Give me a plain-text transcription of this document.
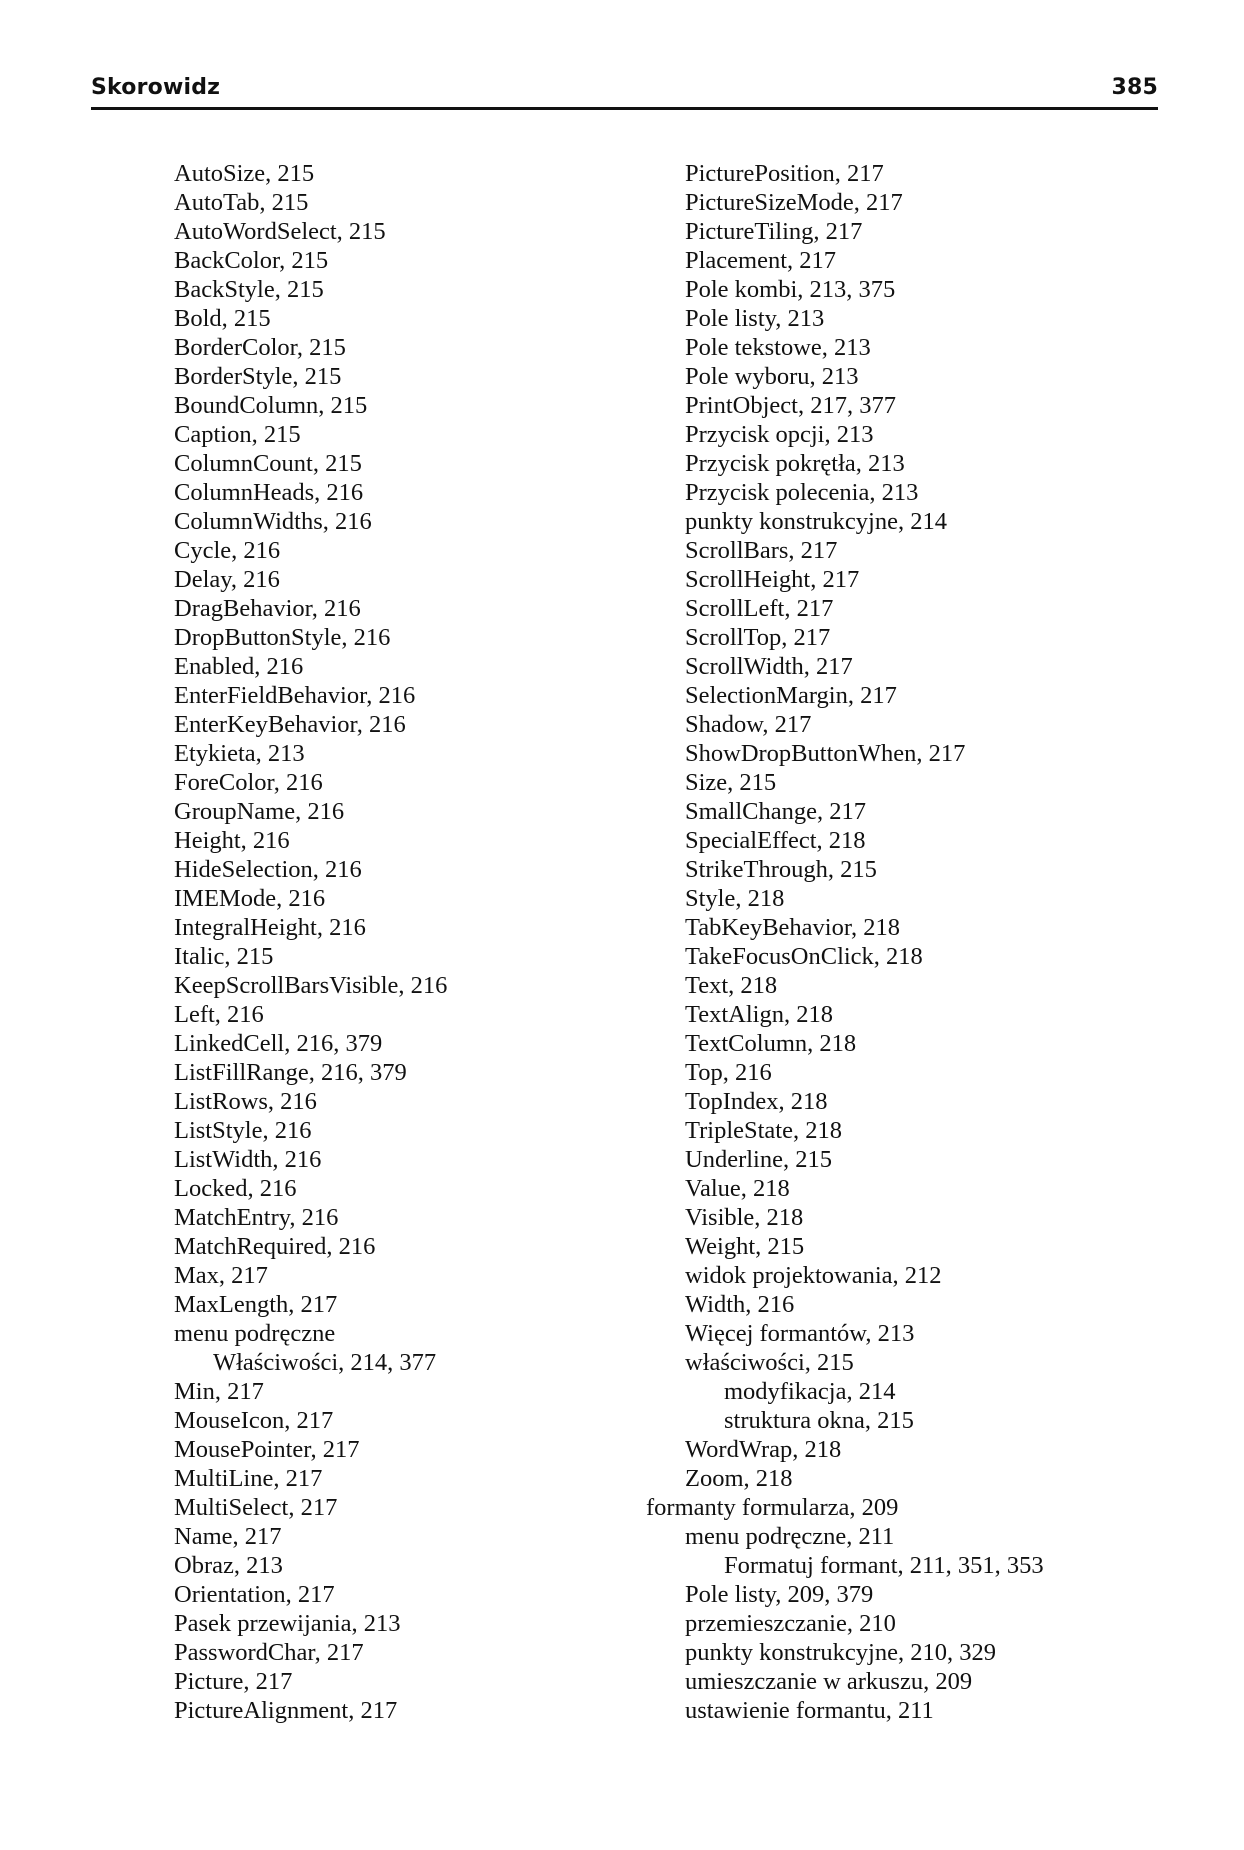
Skorowidz	385
AutoSize, 215
AutoTab, 215
AutoWordSelect, 215
BackColor, 215
BackStyle, 215
Bold, 215
BorderColor, 215
BorderStyle, 215
BoundColumn, 215
Caption, 215
ColumnCount, 215
ColumnHeads, 216
ColumnWidths, 216
Cycle, 216
Delay, 216
DragBehavior, 216
DropButtonStyle, 216
Enabled, 216
EnterFieldBehavior, 216
EnterKeyBehavior, 216
Etykieta, 213
ForeColor, 216
GroupName, 216
Height, 216
HideSelection, 216
IMEMode, 216
IntegralHeight, 216
Italic, 215
KeepScrollBarsVisible, 216
Left, 216
LinkedCell, 216, 379
ListFillRange, 216, 379
ListRows, 216
ListStyle, 216
ListWidth, 216
Locked, 216
MatchEntry, 216
MatchRequired, 216
Max, 217
MaxLength, 217
menu podręczne
Właściwości, 214, 377
Min, 217
MouseIcon, 217
MousePointer, 217
MultiLine, 217
MultiSelect, 217
Name, 217
Obraz, 213
Orientation, 217
Pasek przewijania, 213
PasswordChar, 217
Picture, 217
PictureAlignment, 217
PicturePosition, 217
PictureSizeMode, 217
PictureTiling, 217
Placement, 217
Pole kombi, 213, 375
Pole listy, 213
Pole tekstowe, 213
Pole wyboru, 213
PrintObject, 217, 377
Przycisk opcji, 213
Przycisk pokrętła, 213
Przycisk polecenia, 213
punkty konstrukcyjne, 214
ScrollBars, 217
ScrollHeight, 217
ScrollLeft, 217
ScrollTop, 217
ScrollWidth, 217
SelectionMargin, 217
Shadow, 217
ShowDropButtonWhen, 217
Size, 215
SmallChange, 217
SpecialEffect, 218
StrikeThrough, 215
Style, 218
TabKeyBehavior, 218
TakeFocusOnClick, 218
Text, 218
TextAlign, 218
TextColumn, 218
Top, 216
TopIndex, 218
TripleState, 218
Underline, 215
Value, 218
Visible, 218
Weight, 215
widok projektowania, 212
Width, 216
Więcej formantów, 213
właściwości, 215
modyfikacja, 214
struktura okna, 215
WordWrap, 218
Zoom, 218
formanty formularza, 209
menu podręczne, 211
Formatuj formant, 211, 351, 353
Pole listy, 209, 379
przemieszczanie, 210
punkty konstrukcyjne, 210, 329
umieszczanie w arkuszu, 209
ustawienie formantu, 211
